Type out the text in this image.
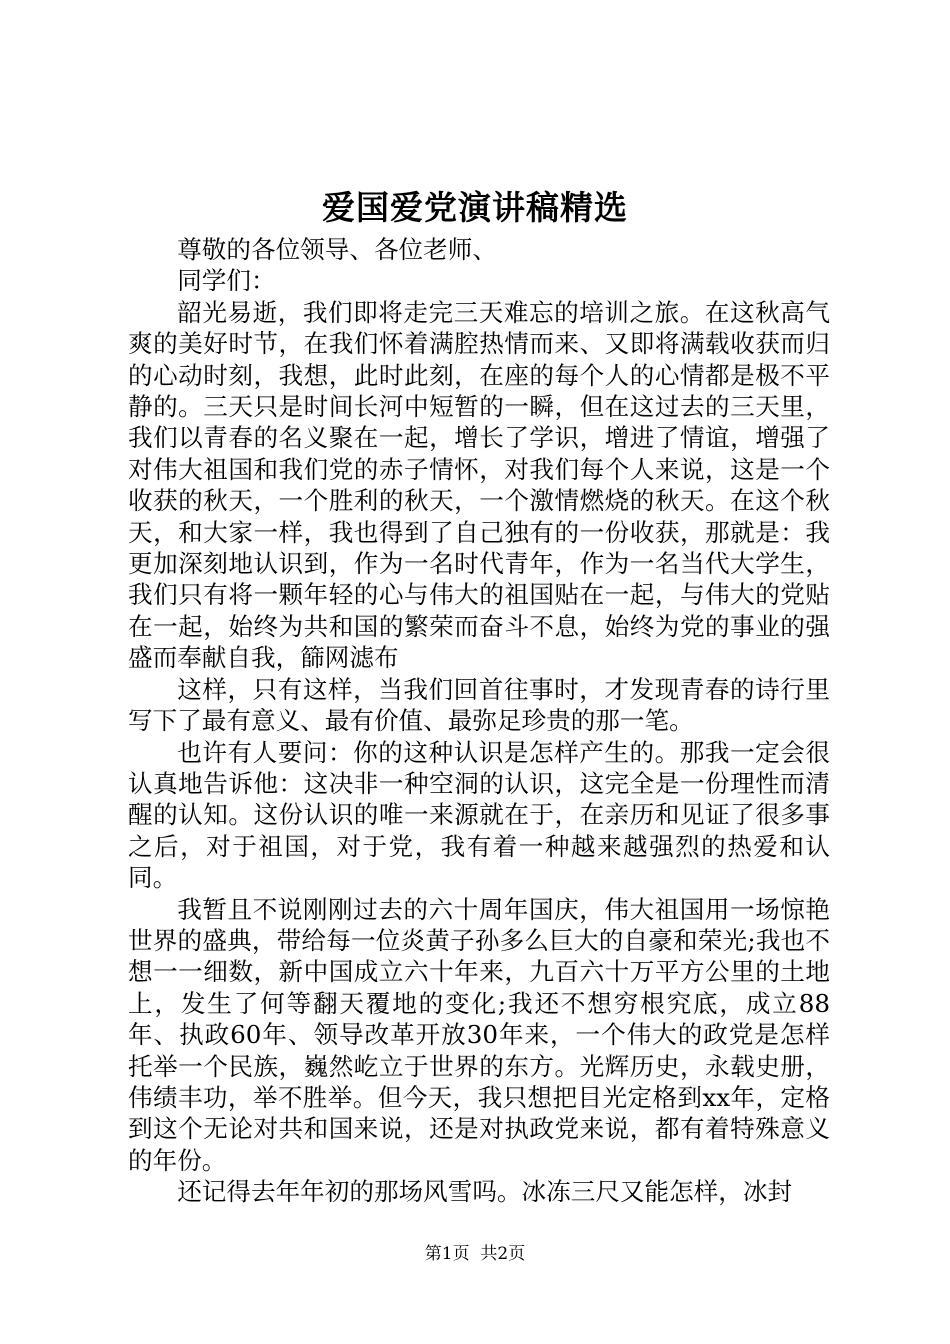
爱国爱党演讲稿精选

尊敬的各位领导、各位老师、

同学们：

韶光易逝，我们即将走完三天难忘的培训之旅。在这秋高气爽的美好时节，在我们怀着满腔热情而来、又即将满载收获而归的心动时刻，我想，此时此刻，在座的每个人的心情都是极不平静的。三天只是时间长河中短暂的一瞬，但在这过去的三天里，我们以青春的名义聚在一起，增长了学识，增进了情谊，增强了对伟大祖国和我们党的赤子情怀，对我们每个人来说，这是一个收获的秋天，一个胜利的秋天，一个激情燃烧的秋天。在这个秋天，和大家一样，我也得到了自己独有的一份收获，那就是：我更加深刻地认识到，作为一名时代青年，作为一名当代大学生，我们只有将一颗年轻的心与伟大的祖国贴在一起，与伟大的党贴在一起，始终为共和国的繁荣而奋斗不息，始终为党的事业的强盛而奉献自我，篩网滤布

这样，只有这样，当我们回首往事时，才发现青春的诗行里写下了最有意义、最有价值、最弥足珍贵的那一笔。

也许有人要问：你的这种认识是怎样产生的。那我一定会很认真地告诉他：这决非一种空洞的认识，这完全是一份理性而清醒的认知。这份认识的唯一来源就在于，在亲历和见证了很多事之后，对于祖国，对于党，我有着一种越来越强烈的热爱和认同。

我暂且不说刚刚过去的六十周年国庆，伟大祖国用一场惊艳世界的盛典，带给每一位炎黄子孙多么巨大的自豪和荣光;我也不想一一细数，新中国成立六十年来，九百六十万平方公里的土地上，发生了何等翻天覆地的变化;我还不想穷根究底，成立88年、执政60年、领导改革开放30年来，一个伟大的政党是怎样托举一个民族，巍然屹立于世界的东方。光辉历史，永载史册，伟绩丰功，举不胜举。但今天，我只想把目光定格到xx年，定格到这个无论对共和国来说，还是对执政党来说，都有着特殊意义的年份。

还记得去年年初的那场风雪吗。冰冻三尺又能怎样，冰封

第1页 共2页
